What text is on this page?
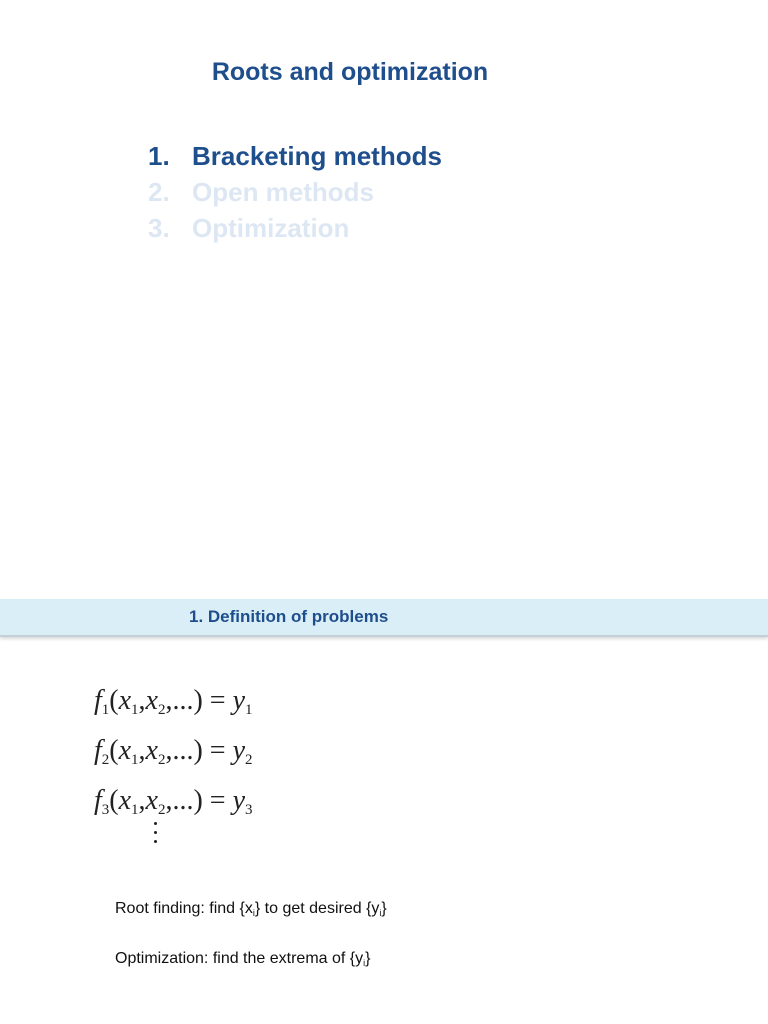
Roots and optimization
1. Bracketing methods
2. Open methods
3. Optimization
1. Definition of problems
$f_1(x_1,x_2,...) = y_1$
$f_2(x_1,x_2,...) = y_2$
$f_3(x_1,x_2,...) = y_3$
Root finding: find $\{x_i\}$ to get desired $\{y_i\}$
Optimization: find the extrema of $\{y_i\}$
